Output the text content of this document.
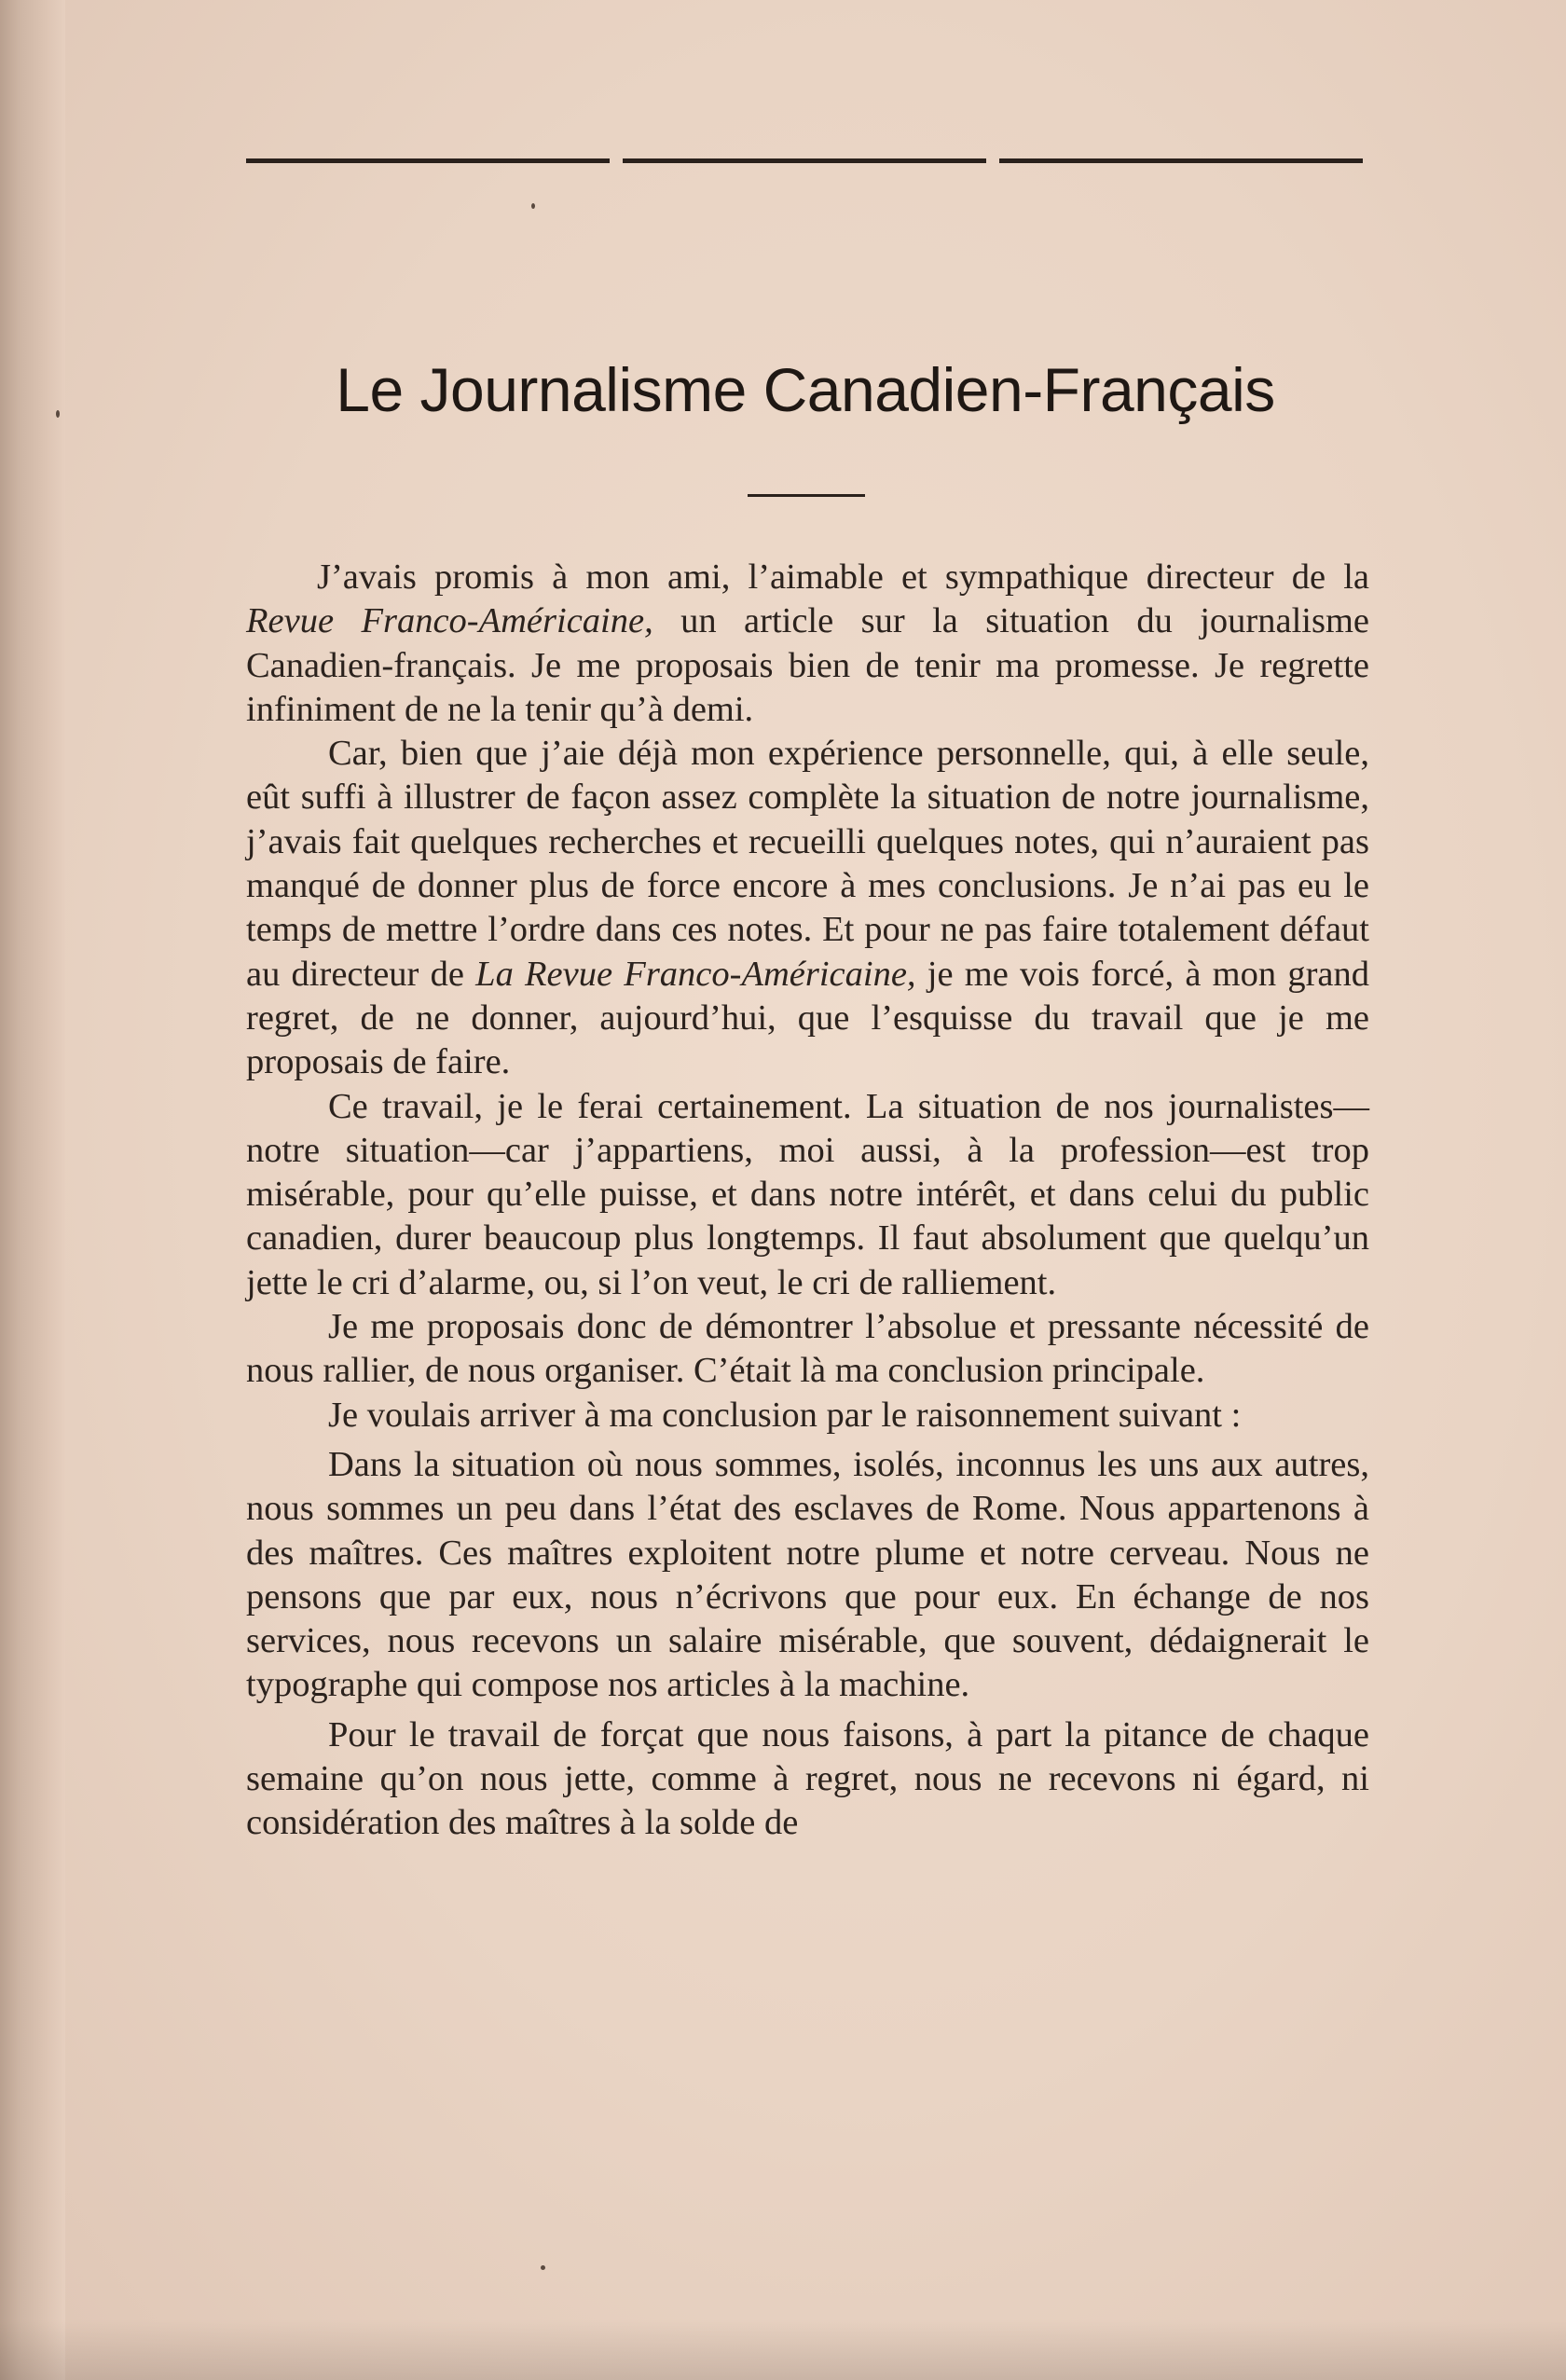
Le Journalisme Canadien-Français

J’avais promis à mon ami, l’aimable et sympathique directeur de la Revue Franco-Américaine, un article sur la situation du journalisme Canadien-français. Je me proposais bien de tenir ma promesse. Je regrette infiniment de ne la tenir qu’à demi.

Car, bien que j’aie déjà mon expérience personnelle, qui, à elle seule, eût suffi à illustrer de façon assez complète la situation de notre journalisme, j’avais fait quelques recherches et recueilli quelques notes, qui n’auraient pas manqué de donner plus de force encore à mes conclusions. Je n’ai pas eu le temps de mettre l’ordre dans ces notes. Et pour ne pas faire totalement défaut au directeur de La Revue Franco-Américaine, je me vois forcé, à mon grand regret, de ne donner, aujourd’hui, que l’esquisse du travail que je me proposais de faire.

Ce travail, je le ferai certainement. La situation de nos journalistes—notre situation—car j’appartiens, moi aussi, à la profession—est trop misérable, pour qu’elle puisse, et dans notre intérêt, et dans celui du public canadien, durer beaucoup plus longtemps. Il faut absolument que quelqu’un jette le cri d’alarme, ou, si l’on veut, le cri de ralliement.

Je me proposais donc de démontrer l’absolue et pressante nécessité de nous rallier, de nous organiser. C’était là ma conclusion principale.

Je voulais arriver à ma conclusion par le raisonnement suivant :

Dans la situation où nous sommes, isolés, inconnus les uns aux autres, nous sommes un peu dans l’état des esclaves de Rome. Nous appartenons à des maîtres. Ces maîtres exploitent notre plume et notre cerveau. Nous ne pensons que par eux, nous n’écrivons que pour eux. En échange de nos services, nous recevons un salaire misérable, que souvent, dédaignerait le typographe qui compose nos articles à la machine.

Pour le travail de forçat que nous faisons, à part la pitance de chaque semaine qu’on nous jette, comme à regret, nous ne recevons ni égard, ni considération des maîtres à la solde de
